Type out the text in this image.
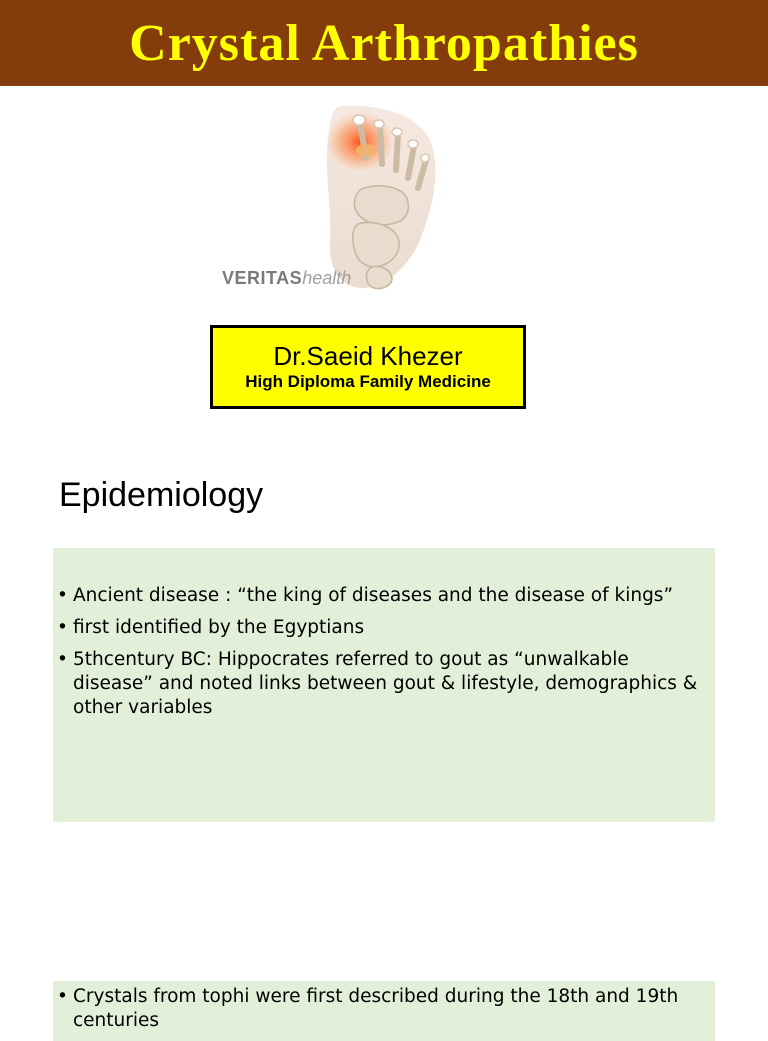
Crystal Arthropathies
VERITAShealth
Dr.Saeid Khezer
High Diploma Family Medicine
Epidemiology
• Ancient disease : “the king of diseases and the disease of kings”
• first identified by the Egyptians
• 5thcentury BC: Hippocrates referred to gout as “unwalkable disease” and noted links between gout & lifestyle, demographics & other variables
• Crystals from tophi were first described during the 18th and 19th centuries
